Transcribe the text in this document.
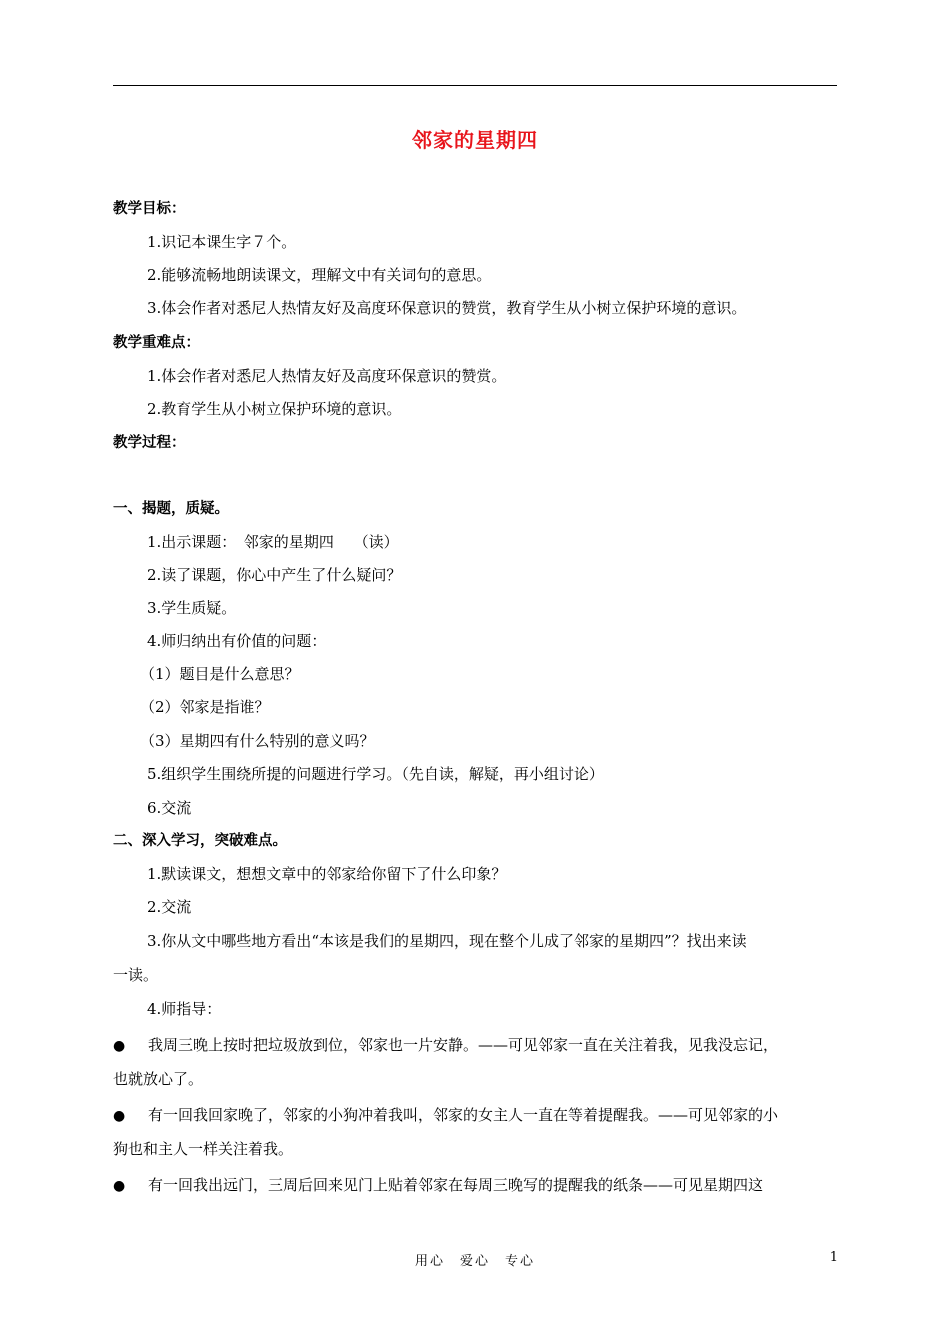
邻家的星期四
教学目标：
1.识记本课生字７个。
2.能够流畅地朗读课文，理解文中有关词句的意思。
3.体会作者对悉尼人热情友好及高度环保意识的赞赏，教育学生从小树立保护环境的意识。
教学重难点：
1.体会作者对悉尼人热情友好及高度环保意识的赞赏。
2.教育学生从小树立保护环境的意识。
教学过程：
一、揭题，质疑。
1.出示课题：　邻家的星期四　 （读）
2.读了课题，你心中产生了什么疑问？
3.学生质疑。
4.师归纳出有价值的问题：
（1）题目是什么意思？
（2）邻家是指谁？
（3）星期四有什么特别的意义吗？
5.组织学生围绕所提的问题进行学习。（先自读，解疑，再小组讨论）
6.交流
二、深入学习，突破难点。
1.默读课文，想想文章中的邻家给你留下了什么印象？
2.交流
3.你从文中哪些地方看出“本该是我们的星期四，现在整个儿成了邻家的星期四”？找出来读
一读。
4.师指导：
● 我周三晚上按时把垃圾放到位，邻家也一片安静。——可见邻家一直在关注着我，见我没忘记，
也就放心了。
● 有一回我回家晚了，邻家的小狗冲着我叫，邻家的女主人一直在等着提醒我。——可见邻家的小
狗也和主人一样关注着我。
● 有一回我出远门，三周后回来见门上贴着邻家在每周三晚写的提醒我的纸条——可见星期四这
用心　爱心　专心	1
